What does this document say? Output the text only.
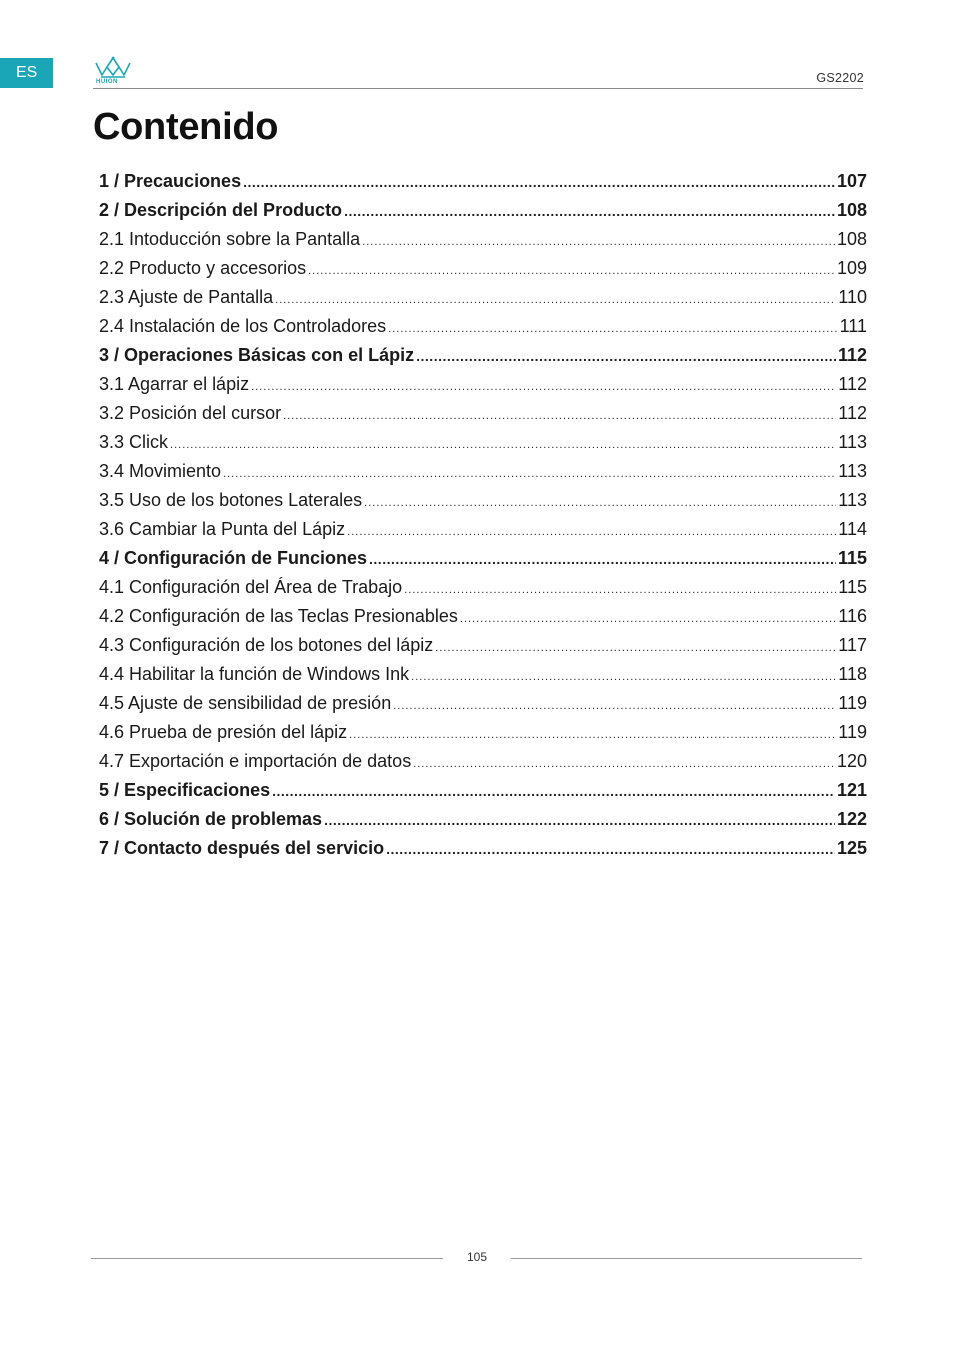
ES
HUION	GS2202
Contenido
1 / Precauciones .....	107
2 / Descripción del Producto .....	108
2.1 Intoducción sobre la Pantalla .....	108
2.2 Producto y accesorios .....	109
2.3 Ajuste de Pantalla .....	110
2.4 Instalación de los Controladores .....	111
3 / Operaciones Básicas con el Lápiz .....	112
3.1 Agarrar el lápiz .....	112
3.2 Posición del cursor .....	112
3.3 Click .....	113
3.4 Movimiento .....	113
3.5 Uso de los botones Laterales .....	113
3.6 Cambiar la Punta del Lápiz .....	114
4 / Configuración de Funciones .....	115
4.1 Configuración del Área de Trabajo .....	115
4.2 Configuración de las Teclas Presionables .....	116
4.3 Configuración de los botones del lápiz .....	117
4.4 Habilitar la función de Windows Ink .....	118
4.5 Ajuste de sensibilidad de presión .....	119
4.6 Prueba de presión del lápiz .....	119
4.7 Exportación e importación de datos .....	120
5 / Especificaciones .....	121
6 / Solución de problemas .....	122
7 / Contacto después del servicio .....	125
105
